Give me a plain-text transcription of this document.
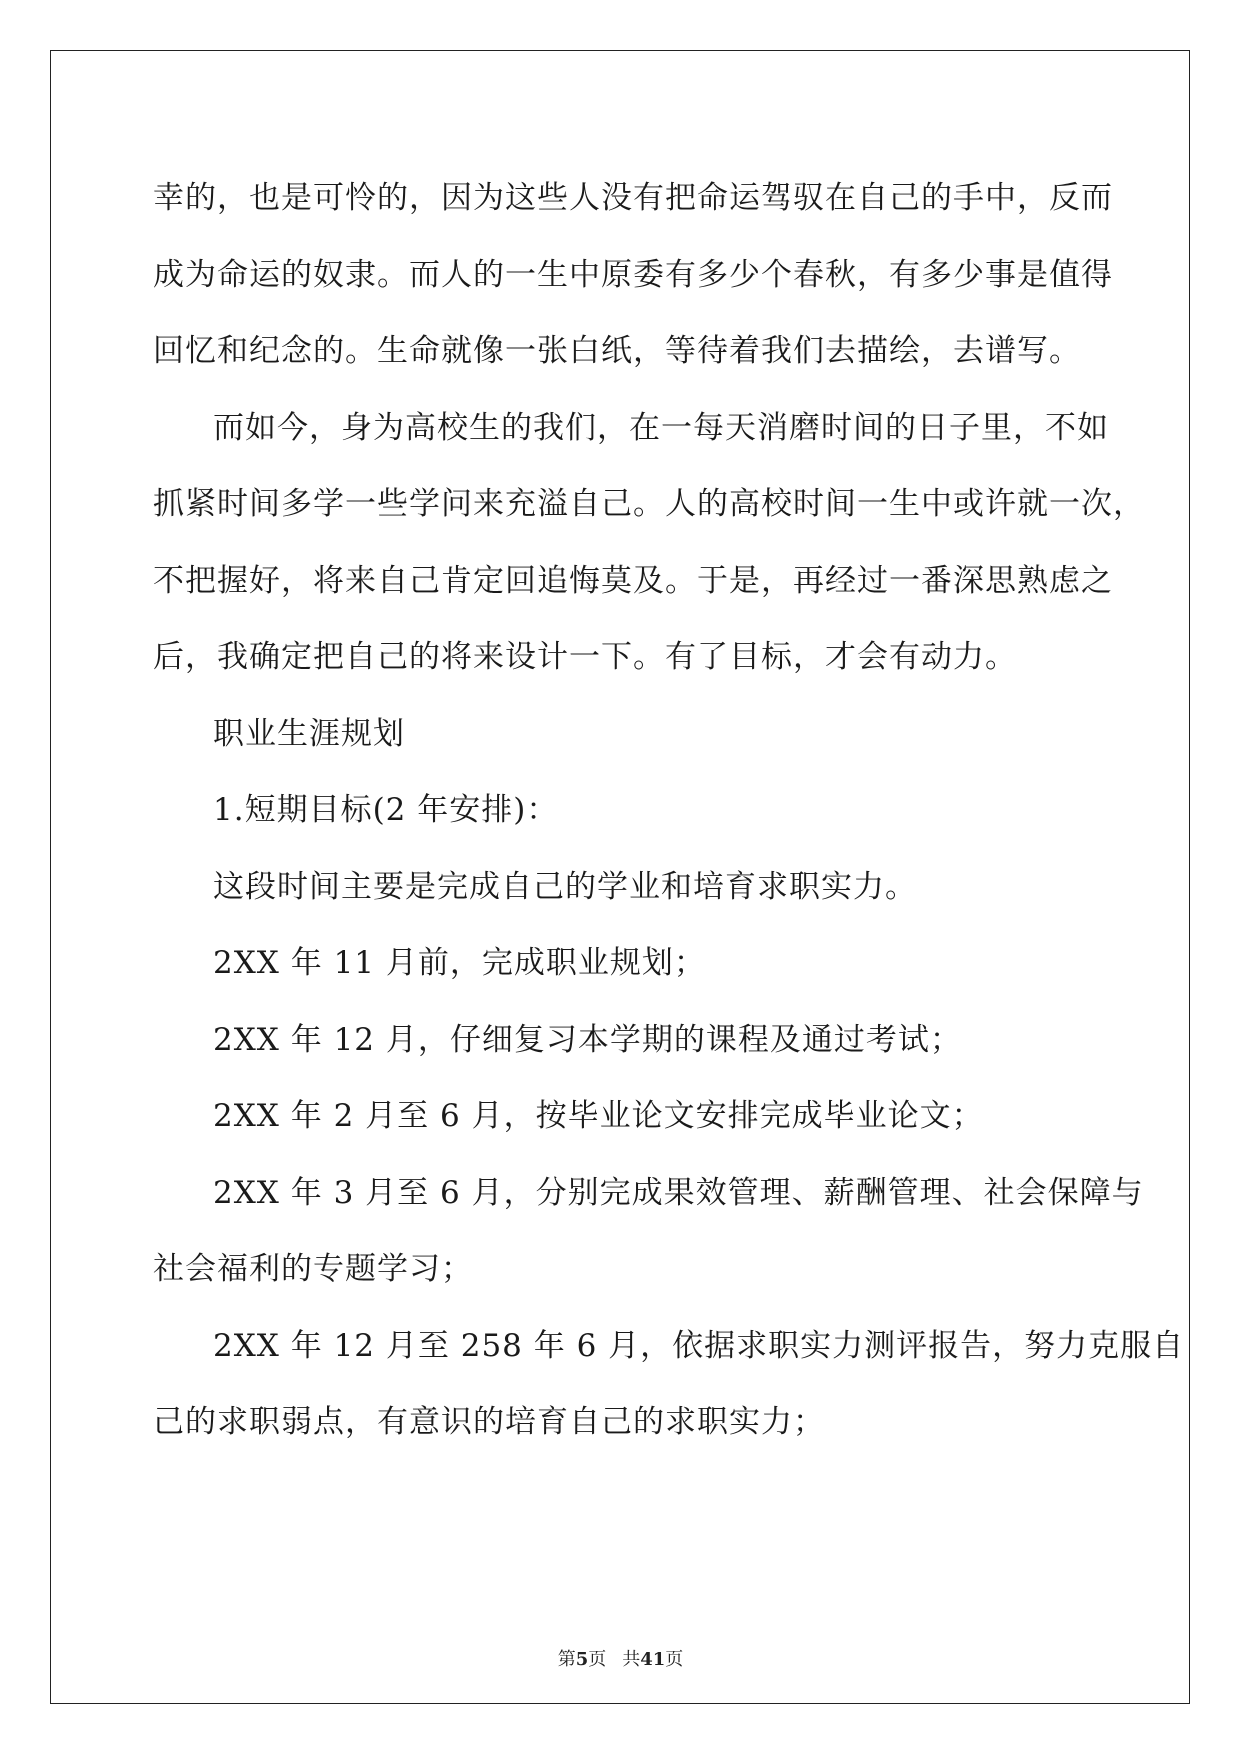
幸的，也是可怜的，因为这些人没有把命运驾驭在自己的手中，反而
成为命运的奴隶。而人的一生中原委有多少个春秋，有多少事是值得
回忆和纪念的。生命就像一张白纸，等待着我们去描绘，去谱写。
而如今，身为高校生的我们，在一每天消磨时间的日子里，不如
抓紧时间多学一些学问来充溢自己。人的高校时间一生中或许就一次，
不把握好，将来自己肯定回追悔莫及。于是，再经过一番深思熟虑之
后，我确定把自己的将来设计一下。有了目标，才会有动力。
职业生涯规划
1.短期目标(2 年安排)：
这段时间主要是完成自己的学业和培育求职实力。
2XX 年 11 月前，完成职业规划；
2XX 年 12 月，仔细复习本学期的课程及通过考试；
2XX 年 2 月至 6 月，按毕业论文安排完成毕业论文；
2XX 年 3 月至 6 月，分别完成果效管理、薪酬管理、社会保障与
社会福利的专题学习；
2XX 年 12 月至 258 年 6 月，依据求职实力测评报告，努力克服自
己的求职弱点，有意识的培育自己的求职实力；
第5页 共41页
